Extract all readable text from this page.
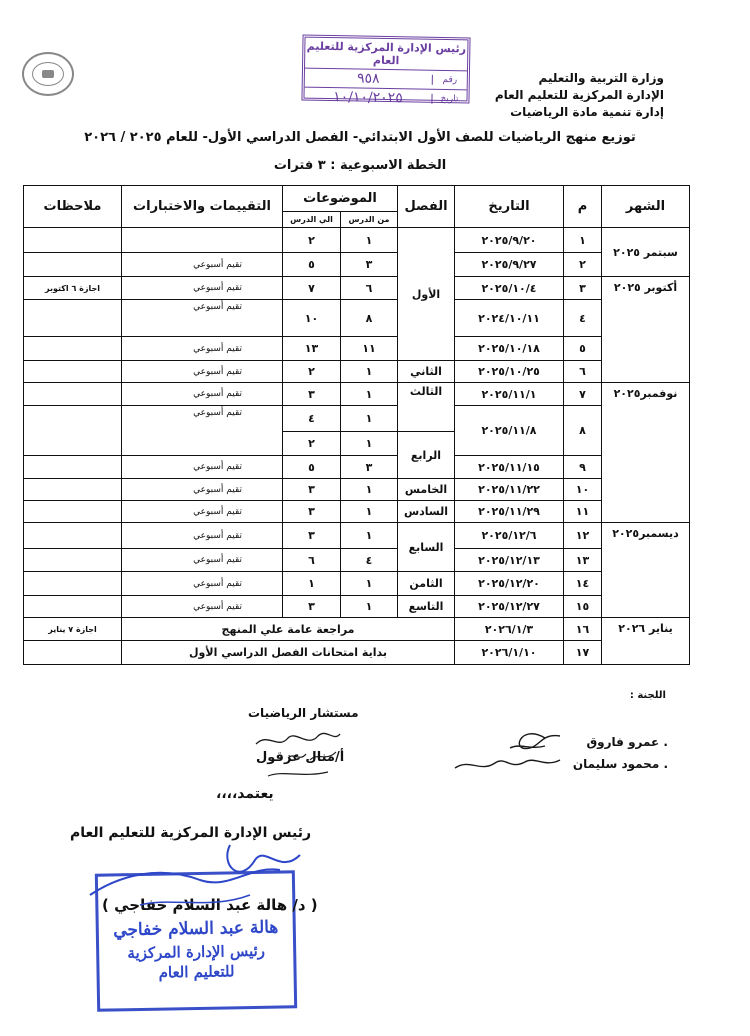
رئيس الإدارة المركزية للتعليم العام
رقم
٩٥٨
تاريخ
١٠/١٠/٢٠٢٥
وزارة التربية والتعليم
الإدارة المركزية للتعليم العام
إدارة تنمية مادة الرياضيات
توزيع منهج الرياضيات للصف الأول الابتدائي- الفصل الدراسي الأول- للعام ٢٠٢٥ / ٢٠٢٦
الخطة الاسبوعية : ٣ فترات
الشهر	م	التاريخ	الفصل	الموضوعات		التقييمات والاختبارات	ملاحظات
				من الدرس	الي الدرس		
سبتمر ٢٠٢٥	١	٢٠٢٥/٩/٢٠	الأول	١	٢		
	٢	٢٠٢٥/٩/٢٧		٣	٥	تقيم أسبوعي	
أكتوبر ٢٠٢٥	٣	٢٠٢٥/١٠/٤		٦	٧	تقيم أسبوعي	اجازة ٦ اكتوبر
	٤	٢٠٢٤/١٠/١١		٨	١٠	تقيم أسبوعي	
	٥	٢٠٢٥/١٠/١٨		١١	١٣	تقيم أسبوعي	
	٦	٢٠٢٥/١٠/٢٥	الثاني	١	٢	تقيم أسبوعي	
نوفمبر٢٠٢٥	٧	٢٠٢٥/١١/١	الثالث	١	٣	تقيم أسبوعي	
	٨	٢٠٢٥/١١/٨		١	٤	تقيم أسبوعي	
			الرابع	١	٢		
	٩	٢٠٢٥/١١/١٥		٣	٥	تقيم أسبوعي	
	١٠	٢٠٢٥/١١/٢٢	الخامس	١	٣	تقيم أسبوعي	
	١١	٢٠٢٥/١١/٢٩	السادس	١	٣	تقيم أسبوعي	
ديسمبر٢٠٢٥	١٢	٢٠٢٥/١٢/٦	السابع	١	٣	تقيم أسبوعي	
	١٣	٢٠٢٥/١٢/١٣		٤	٦	تقيم أسبوعي	
	١٤	٢٠٢٥/١٢/٢٠	الثامن	١	١	تقيم أسبوعي	
	١٥	٢٠٢٥/١٢/٢٧	التاسع	١	٣	تقيم أسبوعي	
يناير ٢٠٢٦	١٦	٢٠٢٦/١/٣	مراجعة عامة علي المنهج				اجازة ٧ يناير
	١٧	٢٠٢٦/١/١٠	بداية امتحانات الفصل الدراسي الأول				
اللجنة :
. عمرو فاروق
. محمود سليمان
مستشار الرياضيات
أ/منال عزقول
يعتمد،،،،
رئيس الإدارة المركزية للتعليم العام
هالة عبد السلام خفاجي
رئيس الإدارة المركزية
للتعليم العام
( د/ هالة عبد السلام خفاجي )
